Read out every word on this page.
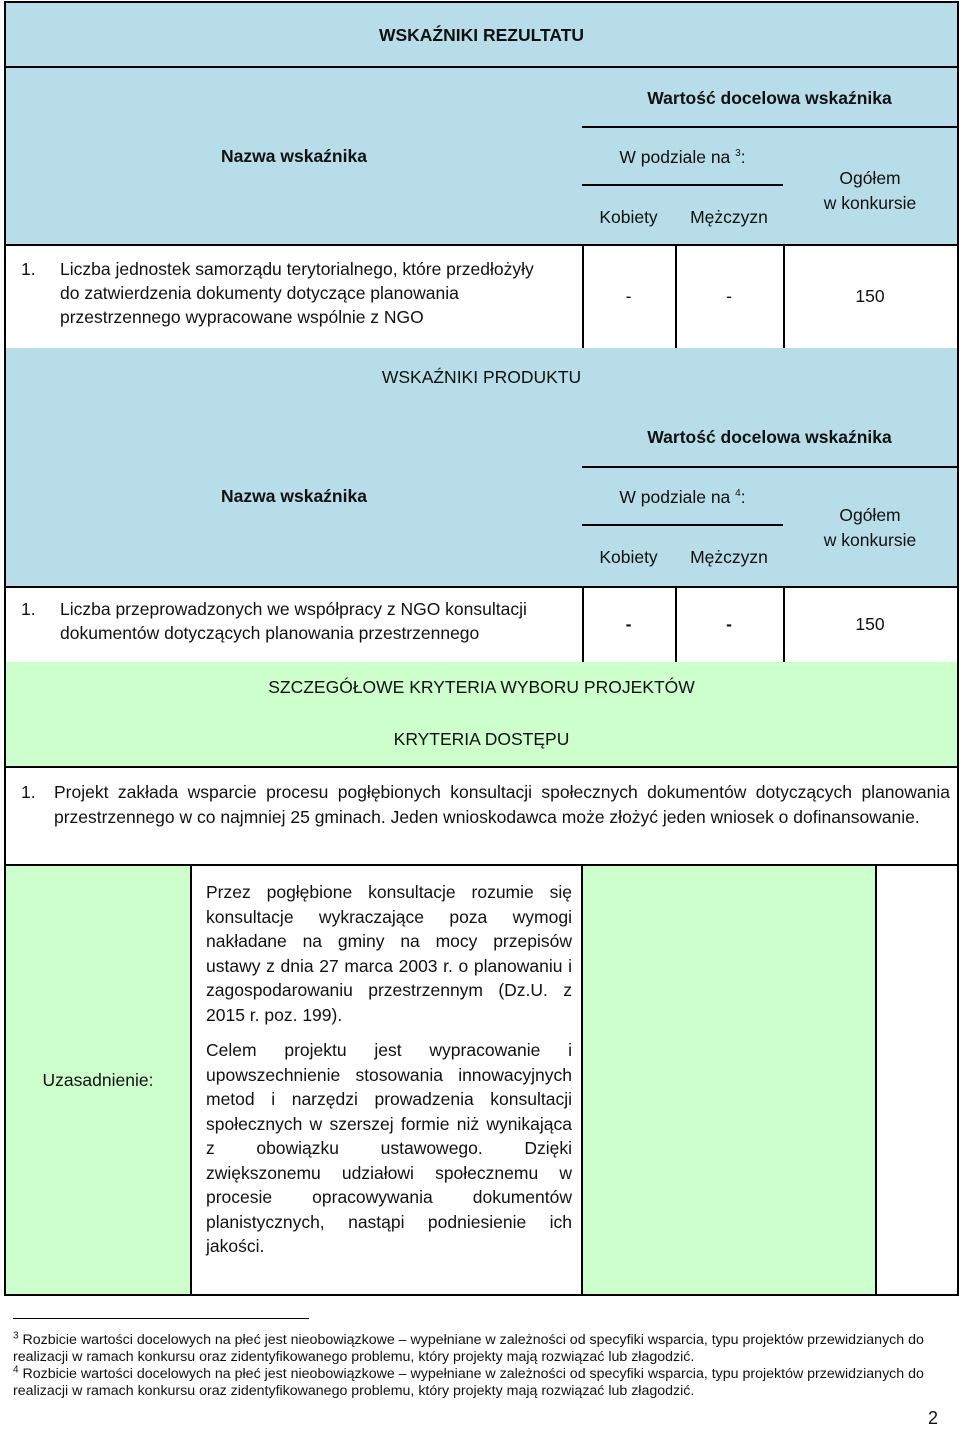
WSKAŹNIKI REZULTATU
Nazwa wskaźnika
Wartość docelowa wskaźnika
W podziale na $^3$:
Kobiety Mężczyzn
Ogółem
w konkursie
1. Liczba jednostek samorządu terytorialnego, które przedłożyły
do zatwierdzenia dokumenty dotyczące planowania
przestrzennego wypracowane wspólnie z NGO
-	-	150
WSKAŹNIKI PRODUKTU
Nazwa wskaźnika
Wartość docelowa wskaźnika
W podziale na $^4$:
Kobiety Mężczyzn
Ogółem
w konkursie
1. Liczba przeprowadzonych we współpracy z NGO konsultacji
dokumentów dotyczących planowania przestrzennego	-	-	150
SZCZEGÓŁOWE KRYTERIA WYBORU PROJEKTÓW
KRYTERIA DOSTĘPU
1. Projekt zakłada wsparcie procesu pogłębionych konsultacji społecznych dokumentów dotyczących planowania przestrzennego w co najmniej 25 gminach. Jeden wnioskodawca może złożyć jeden wniosek o dofinansowanie.
Uzasadnienie:
Przez pogłębione konsultacje rozumie się konsultacje wykraczające poza wymogi nakładane na gminy na mocy przepisów ustawy z dnia 27 marca 2003 r. o planowaniu i zagospodarowaniu przestrzennym (Dz.U. z 2015 r. poz. 199).
Celem projektu jest wypracowanie i upowszechnienie stosowania innowacyjnych metod i narzędzi prowadzenia konsultacji społecznych w szerszej formie niż wynikająca z obowiązku ustawowego. Dzięki zwiększonemu udziałowi społecznemu w procesie opracowywania dokumentów planistycznych, nastąpi podniesienie ich jakości.
$^3$ Rozbicie wartości docelowych na płeć jest nieobowiązkowe – wypełniane w zależności od specyfiki wsparcia, typu projektów przewidzianych do realizacji w ramach konkursu oraz zidentyfikowanego problemu, który projekty mają rozwiązać lub złagodzić.
$^4$ Rozbicie wartości docelowych na płeć jest nieobowiązkowe – wypełniane w zależności od specyfiki wsparcia, typu projektów przewidzianych do realizacji w ramach konkursu oraz zidentyfikowanego problemu, który projekty mają rozwiązać lub złagodzić.
2
